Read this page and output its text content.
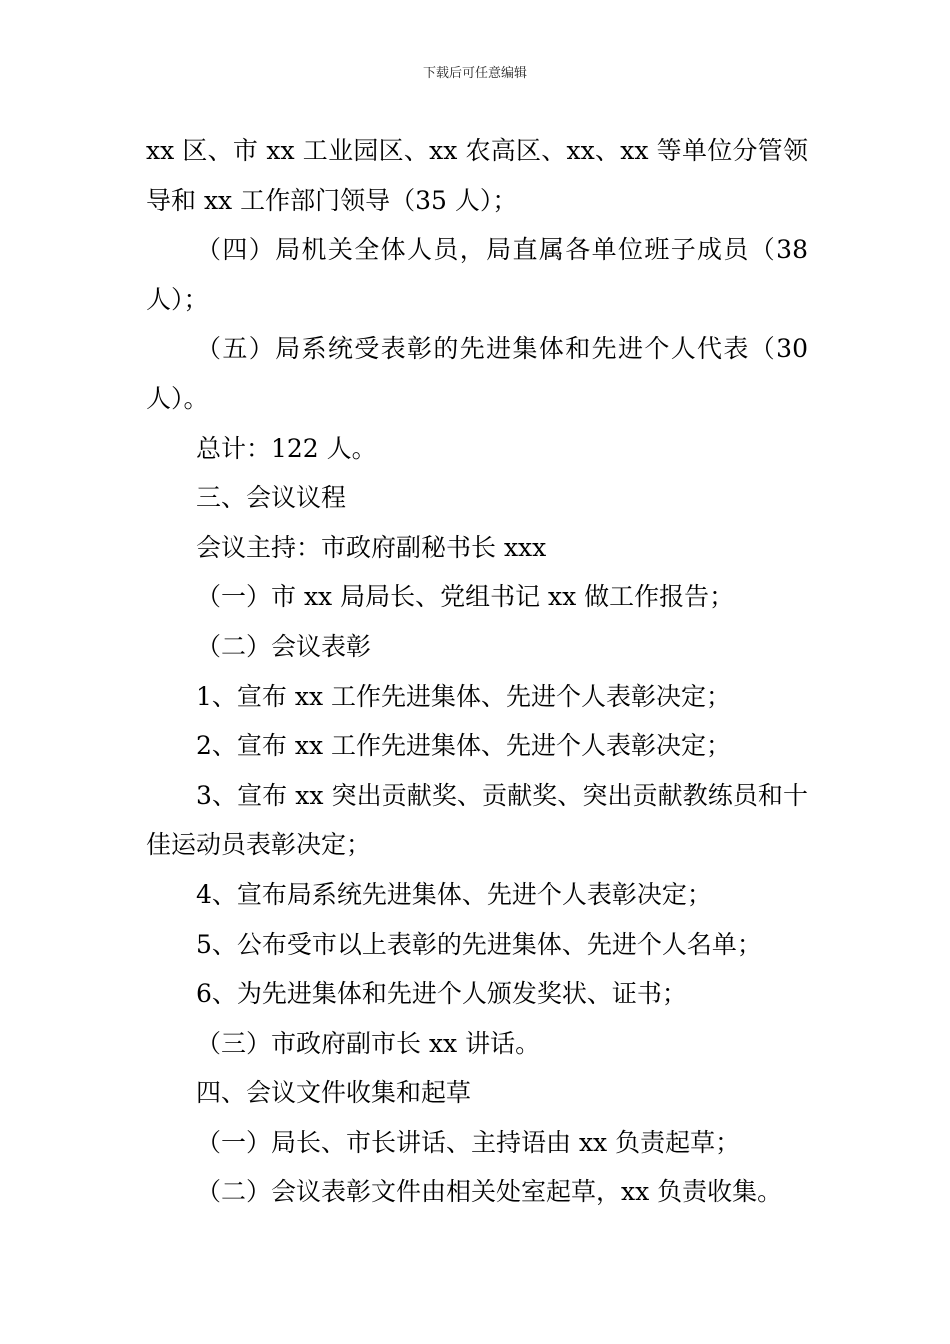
下载后可任意编辑
xx 区、市 xx 工业园区、xx 农高区、xx、xx 等单位分管领
导和 xx 工作部门领导（35 人）；
（四）局机关全体人员，局直属各单位班子成员（38
人）；
（五）局系统受表彰的先进集体和先进个人代表（30
人）。
总计：122 人。
三、会议议程
会议主持：市政府副秘书长 xxx
（一）市 xx 局局长、党组书记 xx 做工作报告；
（二）会议表彰
1、宣布 xx 工作先进集体、先进个人表彰决定；
2、宣布 xx 工作先进集体、先进个人表彰决定；
3、宣布 xx 突出贡献奖、贡献奖、突出贡献教练员和十
佳运动员表彰决定；
4、宣布局系统先进集体、先进个人表彰决定；
5、公布受市以上表彰的先进集体、先进个人名单；
6、为先进集体和先进个人颁发奖状、证书；
（三）市政府副市长 xx 讲话。
四、会议文件收集和起草
（一）局长、市长讲话、主持语由 xx 负责起草；
（二）会议表彰文件由相关处室起草，xx 负责收集。
